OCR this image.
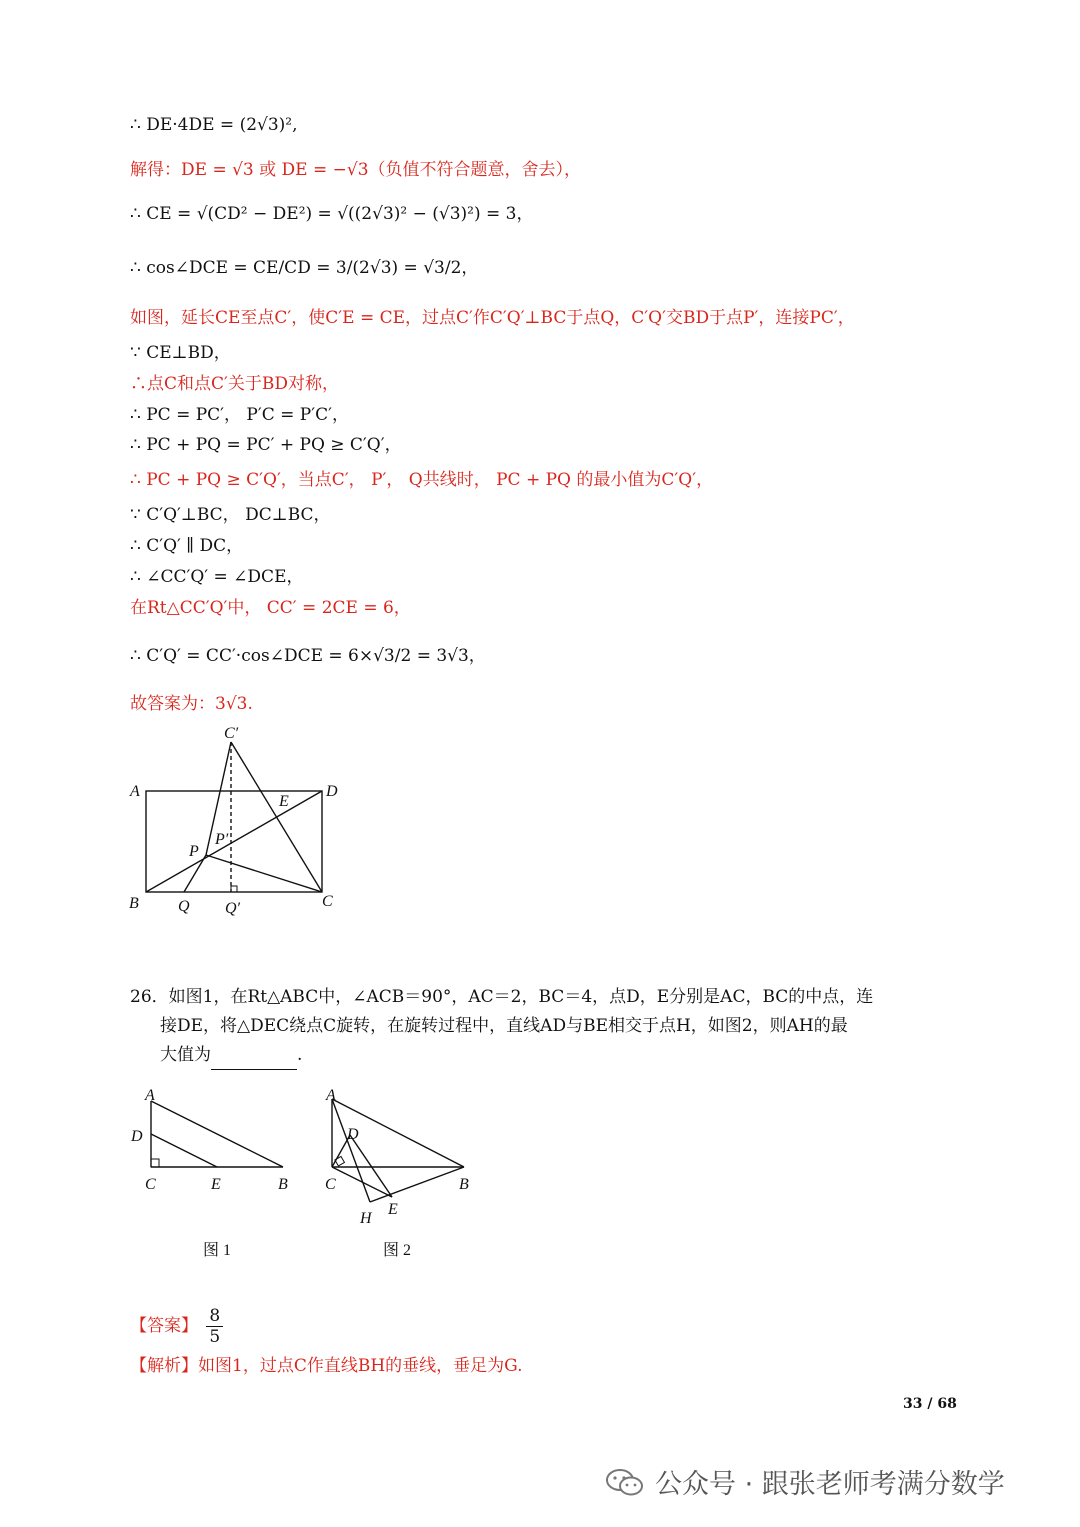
∴ DE·4DE = (2√3)²,
解得：DE = √3 或 DE = −√3（负值不符合题意，舍去），
∴ CE = √(CD² − DE²) = √((2√3)² − (√3)²) = 3，
∴ cos∠DCE = CE/CD = 3/(2√3) = √3/2，
如图，延长CE至点C′，使C′E = CE，过点C′作C′Q′⊥BC于点Q，C′Q′交BD于点P′，连接PC′，
∵ CE⊥BD，
∴点C和点C′关于BD对称，
∴ PC = PC′， P′C = P′C′，
∴ PC + PQ = PC′ + PQ ≥ C′Q′，
∴ PC + PQ ≥ C′Q′，当点C′， P′， Q共线时， PC + PQ 的最小值为C′Q′，
∵ C′Q′⊥BC， DC⊥BC，
∴ C′Q′ ∥ DC，
∴ ∠CC′Q′ = ∠DCE，
在Rt△CC′Q′中， CC′ = 2CE = 6，
∴ C′Q′ = CC′·cos∠DCE = 6×√3/2 = 3√3，
故答案为：3√3.
C′
A	D
E
P′
P
B Q Q′	C
26．如图1，在Rt△ABC中，∠ACB＝90°，AC＝2，BC＝4，点D，E分别是AC，BC的中点，连
接DE，将△DEC绕点C旋转，在旋转过程中，直线AD与BE相交于点H，如图2，则AH的最
大值为	.
A
D
C	E	B
A
D
C	B
H
E
图 1	图 2
【答案】 $\frac{8}{5}$
【解析】如图1，过点C作直线BH的垂线，垂足为G.
33 / 68
公众号 · 跟张老师考满分数学
